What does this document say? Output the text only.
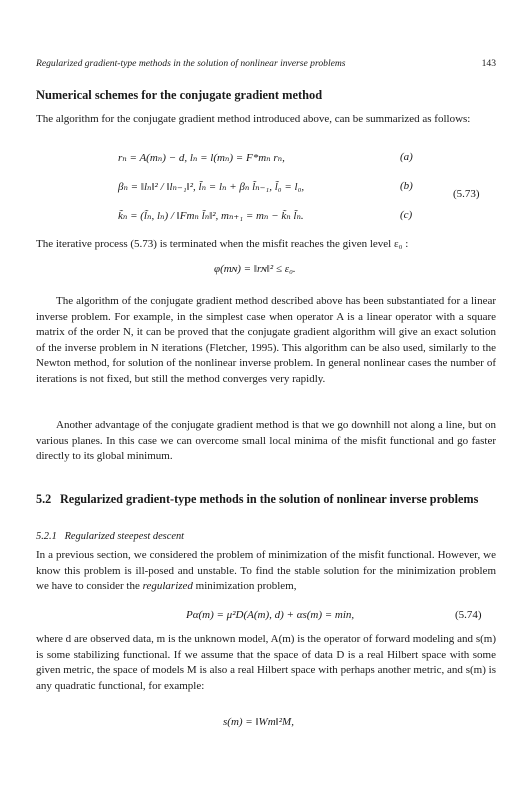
Regularized gradient-type methods in the solution of nonlinear inverse problems	143
Numerical schemes for the conjugate gradient method
The algorithm for the conjugate gradient method introduced above, can be summarized as follows:
rₙ = A(mₙ) − d, lₙ = l(mₙ) = F*mₙ rₙ,	(a)
βₙ = ‖lₙ‖² / ‖lₙ₋₁‖², l̃ₙ = lₙ + βₙ l̃ₙ₋₁, l̃₀ = l₀,	(b)
(5.73)
k̃ₙ = (l̃ₙ, lₙ) / ‖Fmₙ l̃ₙ‖², mₙ₊₁ = mₙ − k̃ₙ l̃ₙ.	(c)
The iterative process (5.73) is terminated when the misfit reaches the given level ε₀ :
φ(mɴ) = ‖rɴ‖² ≤ ε₀.
The algorithm of the conjugate gradient method described above has been substantiated for a linear inverse problem. For example, in the simplest case when operator A is a linear operator with a square matrix of the order N, it can be proved that the conjugate gradient algorithm will give an exact solution of the inverse problem in N iterations (Fletcher, 1995). This algorithm can be also used, similarly to the Newton method, for solution of the nonlinear inverse problem. In general nonlinear cases the number of iterations is not fixed, but still the method converges very rapidly.
Another advantage of the conjugate gradient method is that we go downhill not along a line, but on various planes. In this case we can overcome small local minima of the misfit functional and go faster directly to its global minimum.
5.2 Regularized gradient-type methods in the solution of nonlinear inverse problems
5.2.1 Regularized steepest descent
In a previous section, we considered the problem of minimization of the misfit functional. However, we know this problem is ill-posed and unstable. To find the stable solution for the minimization problem we have to consider the regularized minimization problem,
Pα(m) = μ²D(A(m), d) + αs(m) = min,	(5.74)
where d are observed data, m is the unknown model, A(m) is the operator of forward modeling and s(m) is some stabilizing functional. If we assume that the space of data D is a real Hilbert space with some given metric, the space of models M is also a real Hilbert space with perhaps another metric, and s(m) is any quadratic functional, for example:
s(m) = ‖Wm‖²M,
